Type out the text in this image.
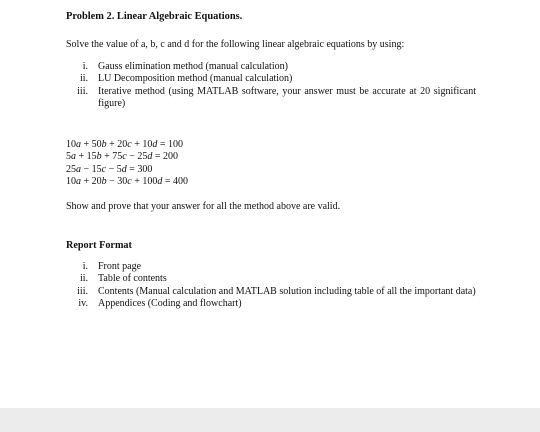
Problem 2. Linear Algebraic Equations.
Solve the value of a, b, c and d for the following linear algebraic equations by using:
i. Gauss elimination method (manual calculation)
ii. LU Decomposition method (manual calculation)
iii. Iterative method (using MATLAB software, your answer must be accurate at 20 significant figure)
10a + 50b + 20c + 10d = 100
5a + 15b + 75c − 25d = 200
25a − 15c − 5d = 300
10a + 20b − 30c + 100d = 400
Show and prove that your answer for all the method above are valid.
Report Format
i. Front page
ii. Table of contents
iii. Contents (Manual calculation and MATLAB solution including table of all the important data)
iv. Appendices (Coding and flowchart)
